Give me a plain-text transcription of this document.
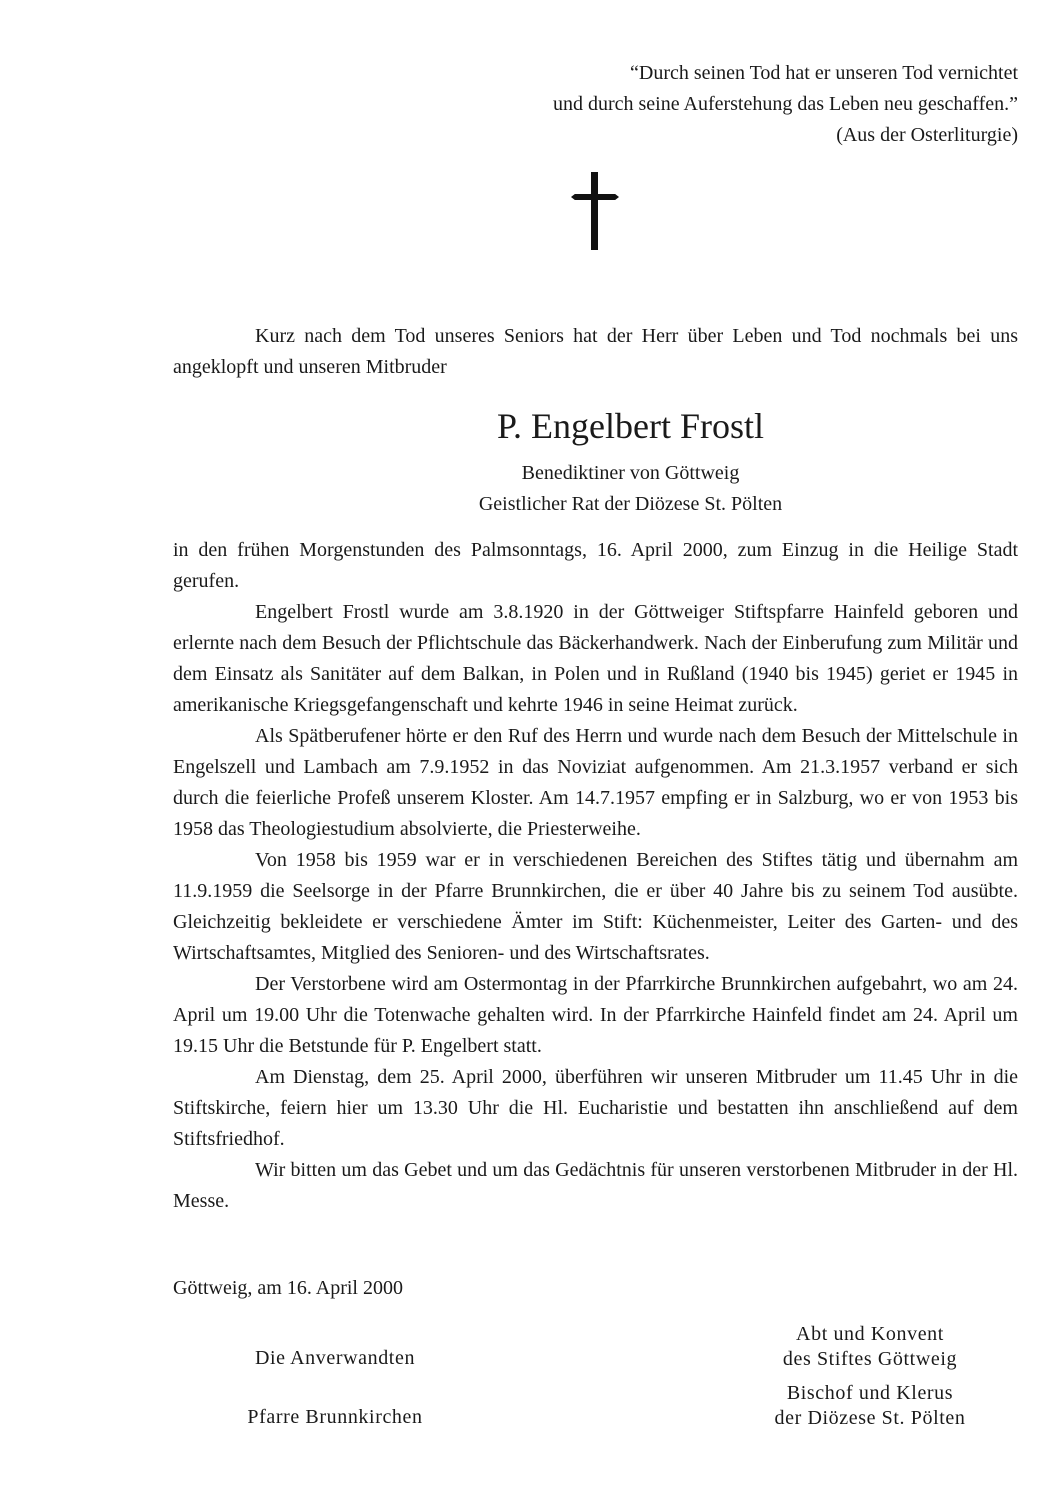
“Durch seinen Tod hat er unseren Tod vernichtet
und durch seine Auferstehung das Leben neu geschaffen.”
(Aus der Osterliturgie)
Kurz nach dem Tod unseres Seniors hat der Herr über Leben und Tod nochmals bei uns angeklopft und unseren Mitbruder
P. Engelbert Frostl
Benediktiner von Göttweig
Geistlicher Rat der Diözese St. Pölten

in den frühen Morgenstunden des Palmsonntags, 16. April 2000, zum Einzug in die Heilige Stadt gerufen.

Engelbert Frostl wurde am 3.8.1920 in der Göttweiger Stiftspfarre Hainfeld geboren und erlernte nach dem Besuch der Pflichtschule das Bäckerhandwerk. Nach der Einberufung zum Militär und dem Einsatz als Sanitäter auf dem Balkan, in Polen und in Rußland (1940 bis 1945) geriet er 1945 in amerikanische Kriegsgefangenschaft und kehrte 1946 in seine Heimat zurück.

Als Spätberufener hörte er den Ruf des Herrn und wurde nach dem Besuch der Mittelschule in Engelszell und Lambach am 7.9.1952 in das Noviziat aufgenommen. Am 21.3.1957 verband er sich durch die feierliche Profeß unserem Kloster. Am 14.7.1957 empfing er in Salzburg, wo er von 1953 bis 1958 das Theologiestudium absolvierte, die Priesterweihe.

Von 1958 bis 1959 war er in verschiedenen Bereichen des Stiftes tätig und übernahm am 11.9.1959 die Seelsorge in der Pfarre Brunnkirchen, die er über 40 Jahre bis zu seinem Tod ausübte. Gleichzeitig bekleidete er verschiedene Ämter im Stift: Küchenmeister, Leiter des Garten- und des Wirtschaftsamtes, Mitglied des Senioren- und des Wirtschaftsrates.

Der Verstorbene wird am Ostermontag in der Pfarrkirche Brunnkirchen aufgebahrt, wo am 24. April um 19.00 Uhr die Totenwache gehalten wird. In der Pfarrkirche Hainfeld findet am 24. April um 19.15 Uhr die Betstunde für P. Engelbert statt.

Am Dienstag, dem 25. April 2000, überführen wir unseren Mitbruder um 11.45 Uhr in die Stiftskirche, feiern hier um 13.30 Uhr die Hl. Eucharistie und bestatten ihn anschließend auf dem Stiftsfriedhof.

Wir bitten um das Gebet und um das Gedächtnis für unseren verstorbenen Mitbruder in der Hl. Messe.

Göttweig, am 16. April 2000
Die Anverwandten
Pfarre Brunnkirchen
Abt und Konvent
des Stiftes Göttweig
Bischof und Klerus
der Diözese St. Pölten
